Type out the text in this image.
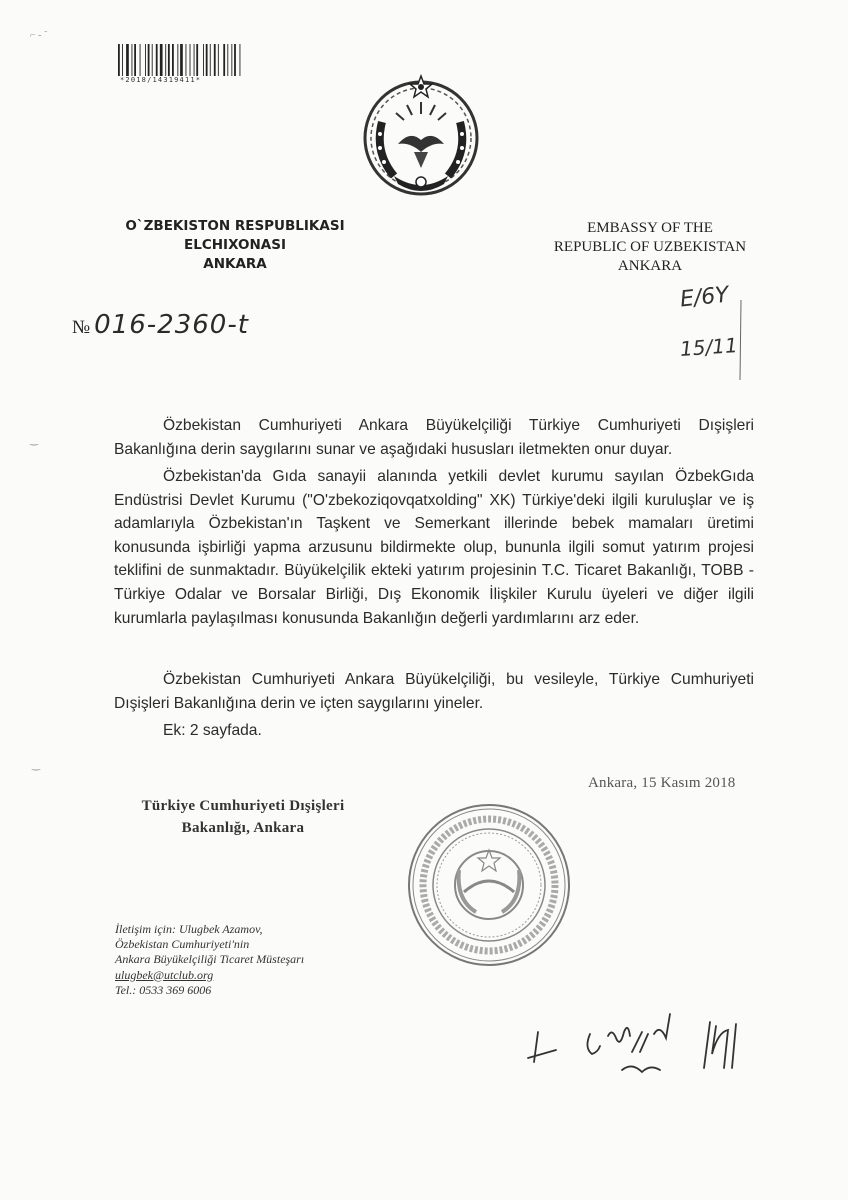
⌐ - ˜
‿
‿
*2018/14319411*
O`ZBEKISTON RESPUBLIKASI
ELCHIXONASI
ANKARA
EMBASSY OF THE
REPUBLIC OF UZBEKISTAN
ANKARA
№ 016-2360-t
E/6Y
15/11

Özbekistan Cumhuriyeti Ankara Büyükelçiliği Türkiye Cumhuriyeti Dışişleri Bakanlığına derin saygılarını sunar ve aşağıdaki hususları iletmekten onur duyar.

Özbekistan'da Gıda sanayii alanında yetkili devlet kurumu sayılan ÖzbekGıda Endüstrisi Devlet Kurumu ("O'zbekoziqovqatxolding" XK) Türkiye'deki ilgili kuruluşlar ve iş adamlarıyla Özbekistan'ın Taşkent ve Semerkant illerinde bebek mamaları üretimi konusunda işbirliği yapma arzusunu bildirmekte olup, bununla ilgili somut yatırım projesi teklifini de sunmaktadır. Büyükelçilik ekteki yatırım projesinin T.C. Ticaret Bakanlığı, TOBB - Türkiye Odalar ve Borsalar Birliği, Dış Ekonomik İlişkiler Kurulu üyeleri ve diğer ilgili kurumlarla paylaşılması konusunda Bakanlığın değerli yardımlarını arz eder.

Özbekistan Cumhuriyeti Ankara Büyükelçiliği, bu vesileyle, Türkiye Cumhuriyeti Dışişleri Bakanlığına derin ve içten saygılarını yineler.

Ek: 2 sayfada.
Ankara, 15 Kasım 2018
Türkiye Cumhuriyeti Dışişleri
Bakanlığı, Ankara
İletişim için: Ulugbek Azamov,
Özbekistan Cumhuriyeti'nin
Ankara Büyükelçiliği Ticaret Müsteşarı
ulugbek@utclub.org
Tel.: 0533 369 6006
